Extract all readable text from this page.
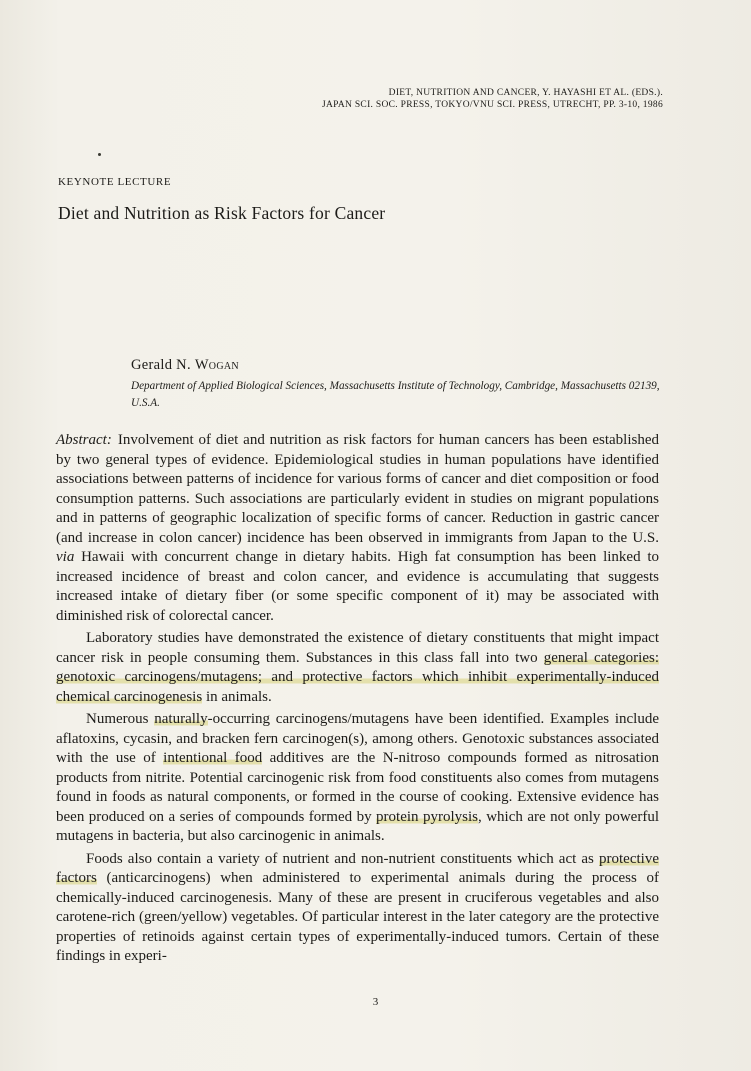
DIET, NUTRITION AND CANCER, Y. HAYASHI ET AL. (EDS.).
JAPAN SCI. SOC. PRESS, TOKYO/VNU SCI. PRESS, UTRECHT, PP. 3-10, 1986
KEYNOTE LECTURE
Diet and Nutrition as Risk Factors for Cancer
Gerald N. Wogan
Department of Applied Biological Sciences, Massachusetts Institute of Technology, Cambridge, Massachusetts 02139, U.S.A.

Abstract: Involvement of diet and nutrition as risk factors for human cancers has been established by two general types of evidence. Epidemiological studies in human populations have identified associations between patterns of incidence for various forms of cancer and diet composition or food consumption patterns. Such associations are particularly evident in studies on migrant populations and in patterns of geographic localization of specific forms of cancer. Reduction in gastric cancer (and increase in colon cancer) incidence has been observed in immigrants from Japan to the U.S. via Hawaii with concurrent change in dietary habits. High fat consumption has been linked to increased incidence of breast and colon cancer, and evidence is accumulating that suggests increased intake of dietary fiber (or some specific component of it) may be associated with diminished risk of colorectal cancer.

Laboratory studies have demonstrated the existence of dietary constituents that might impact cancer risk in people consuming them. Substances in this class fall into two general categories: genotoxic carcinogens/mutagens; and protective factors which inhibit experimentally-induced chemical carcinogenesis in animals.

Numerous naturally-occurring carcinogens/mutagens have been identified. Examples include aflatoxins, cycasin, and bracken fern carcinogen(s), among others. Genotoxic substances associated with the use of intentional food additives are the N-nitroso compounds formed as nitrosation products from nitrite. Potential carcinogenic risk from food constituents also comes from mutagens found in foods as natural components, or formed in the course of cooking. Extensive evidence has been produced on a series of compounds formed by protein pyrolysis, which are not only powerful mutagens in bacteria, but also carcinogenic in animals.

Foods also contain a variety of nutrient and non-nutrient constituents which act as protective factors (anticarcinogens) when administered to experimental animals during the process of chemically-induced carcinogenesis. Many of these are present in cruciferous vegetables and also carotene-rich (green/yellow) vegetables. Of particular interest in the later category are the protective properties of retinoids against certain types of experimentally-induced tumors. Certain of these findings in experi-

3
